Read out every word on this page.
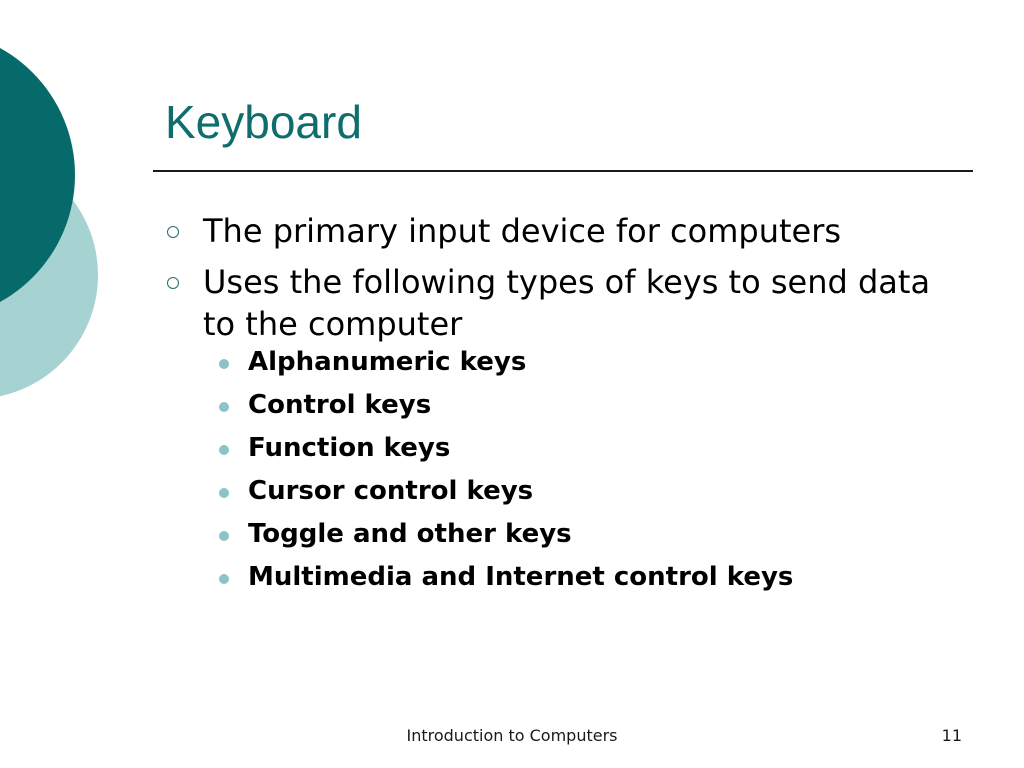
Keyboard
The primary input device for computers
Uses the following types of keys to send data to the computer
Alphanumeric keys
Control keys
Function keys
Cursor control keys
Toggle and other keys
Multimedia and Internet control keys
Introduction to Computers	11
